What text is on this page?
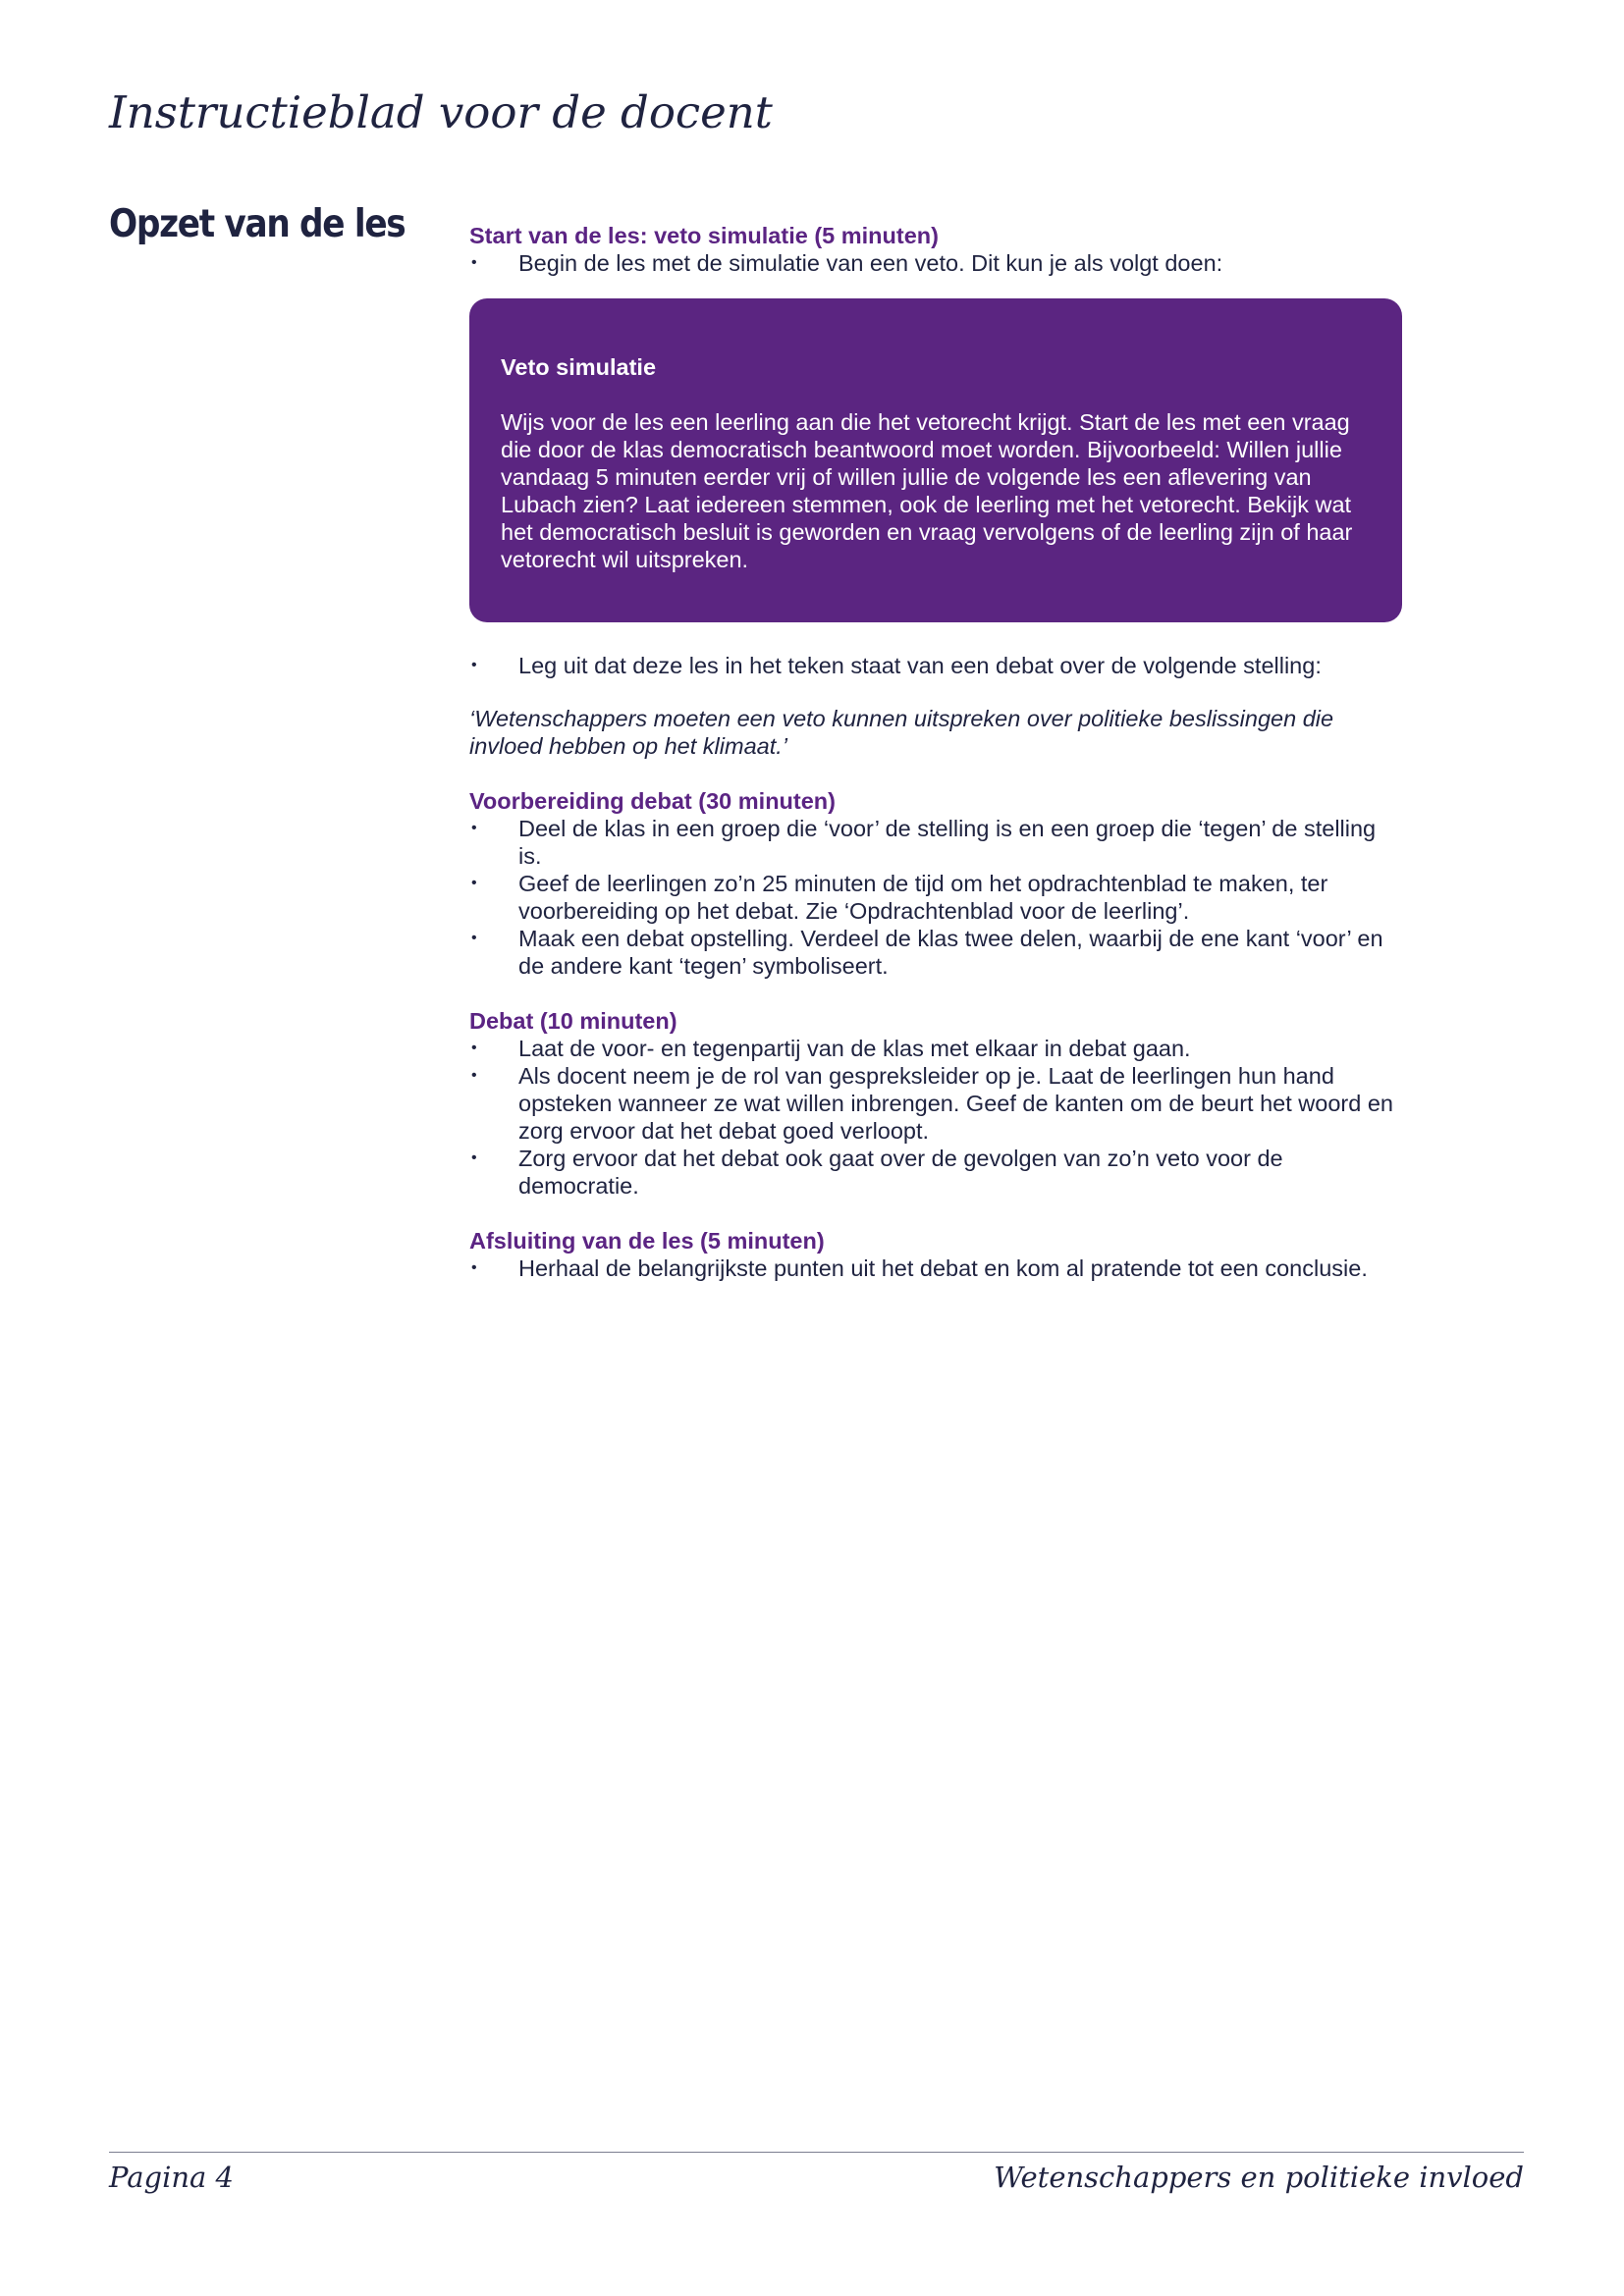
Instructieblad voor de docent
Opzet van de les	Start van de les: veto simulatie (5 minuten)

• Begin de les met de simulatie van een veto. Dit kun je als volgt doen:

Veto simulatie

Wijs voor de les een leerling aan die het vetorecht krijgt. Start de les met een vraag die door de klas democratisch beantwoord moet worden. Bijvoorbeeld: Willen jullie vandaag 5 minuten eerder vrij of willen jullie de volgende les een aflevering van Lubach zien? Laat iedereen stemmen, ook de leerling met het vetorecht. Bekijk wat het democratisch besluit is geworden en vraag vervolgens of de leerling zijn of haar vetorecht wil uitspreken.

• Leg uit dat deze les in het teken staat van een debat over de volgende stelling:

‘Wetenschappers moeten een veto kunnen uitspreken over politieke beslissingen die invloed hebben op het klimaat.’

Voorbereiding debat (30 minuten)

• Deel de klas in een groep die ‘voor’ de stelling is en een groep die ‘tegen’ de stelling is.
• Geef de leerlingen zo’n 25 minuten de tijd om het opdrachtenblad te maken, ter voorbereiding op het debat. Zie ‘Opdrachtenblad voor de leerling’.
• Maak een debat opstelling. Verdeel de klas twee delen, waarbij de ene kant ‘voor’ en de andere kant ‘tegen’ symboliseert.

Debat (10 minuten)

• Laat de voor- en tegenpartij van de klas met elkaar in debat gaan.
• Als docent neem je de rol van gespreksleider op je. Laat de leerlingen hun hand opsteken wanneer ze wat willen inbrengen. Geef de kanten om de beurt het woord en zorg ervoor dat het debat goed verloopt.
• Zorg ervoor dat het debat ook gaat over de gevolgen van zo’n veto voor de democratie.

Afsluiting van de les (5 minuten)

• Herhaal de belangrijkste punten uit het debat en kom al pratende tot een conclusie.

Pagina 4	Wetenschappers en politieke invloed
